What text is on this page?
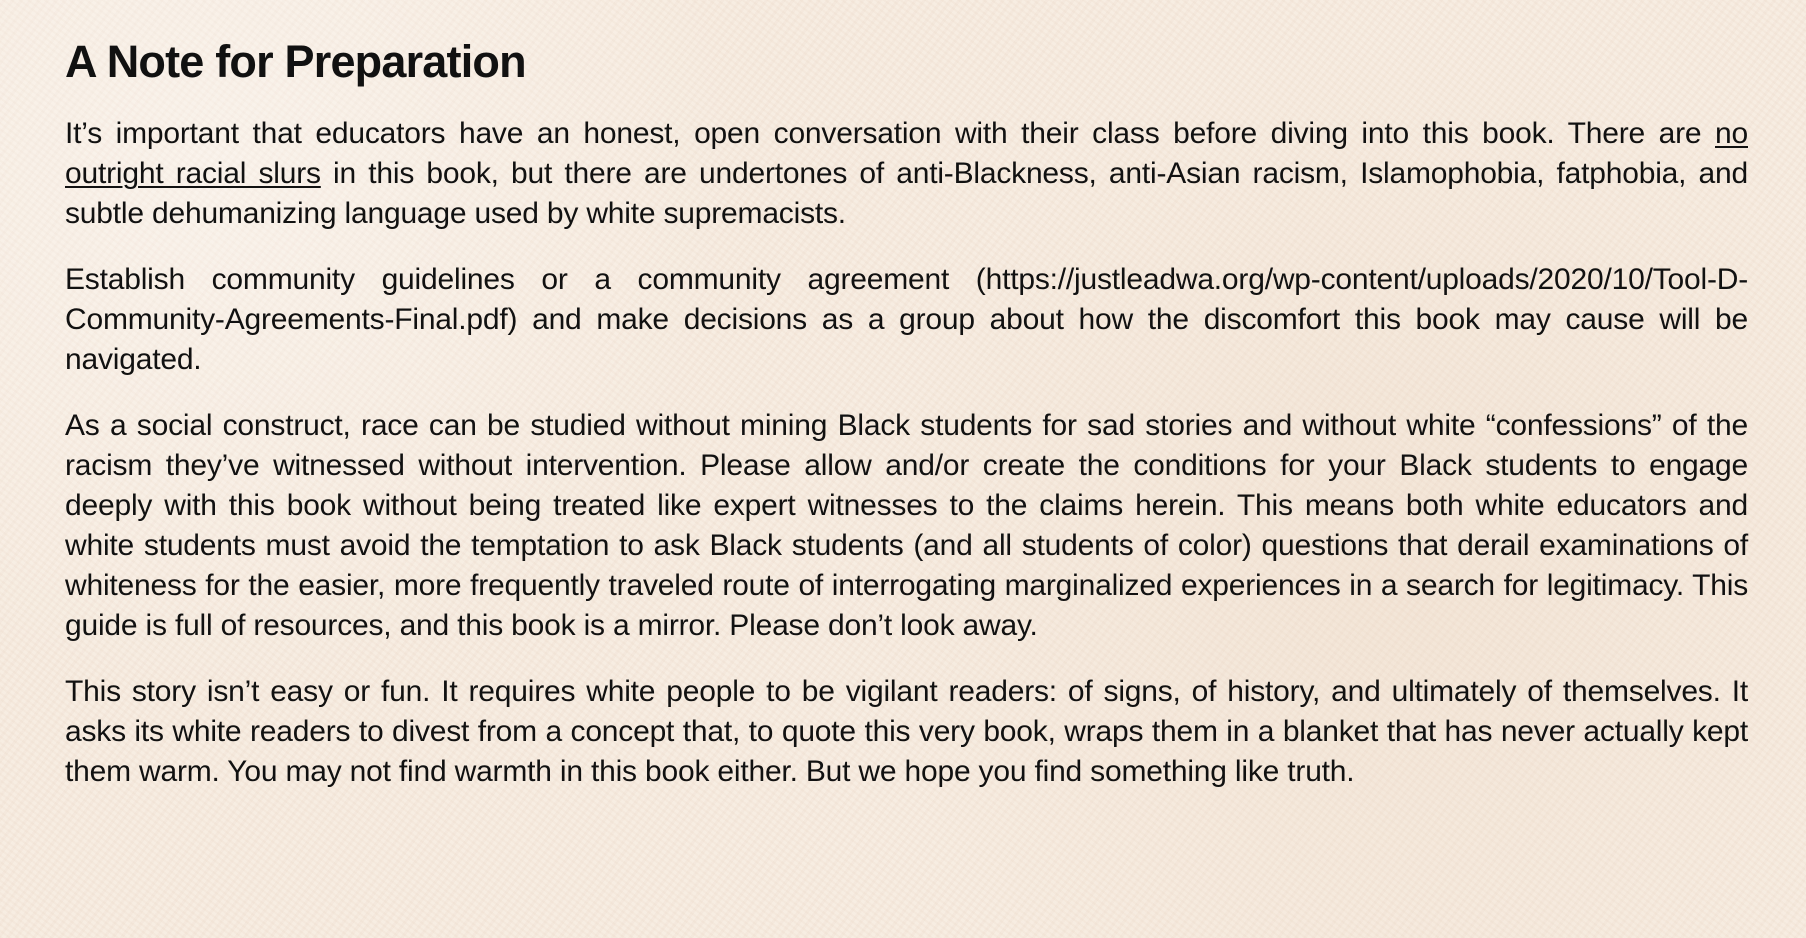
A Note for Preparation

It’s important that educators have an honest, open conversation with their class before diving into this book. There are no outright racial slurs in this book, but there are undertones of anti-Blackness, anti-Asian racism, Islamophobia, fatphobia, and subtle dehumanizing language used by white supremacists.

Establish community guidelines or a community agreement (https://justleadwa.org/wp-content/uploads/2020/10/Tool-D-Community-Agreements-Final.pdf) and make decisions as a group about how the discomfort this book may cause will be navigated.

As a social construct, race can be studied without mining Black students for sad stories and without white “confessions” of the racism they’ve witnessed without intervention. Please allow and/or create the conditions for your Black students to engage deeply with this book without being treated like expert witnesses to the claims herein. This means both white educators and white students must avoid the temptation to ask Black students (and all students of color) questions that derail examinations of whiteness for the easier, more frequently traveled route of interrogating marginalized experiences in a search for legitimacy. This guide is full of resources, and this book is a mirror. Please don’t look away.

This story isn’t easy or fun. It requires white people to be vigilant readers: of signs, of history, and ultimately of themselves. It asks its white readers to divest from a concept that, to quote this very book, wraps them in a blanket that has never actually kept them warm. You may not find warmth in this book either. But we hope you find something like truth.
